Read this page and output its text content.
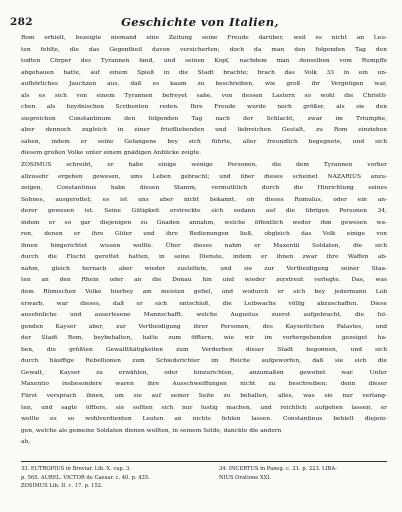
282	Geschichte von Italien,
Rom erhielt, bezeigte niemand eine Zeitung seine Freude darüber, weil es nicht an Leu-
ten fehlte, die das Gegentheil davon versicherten; doch da man den folgenden Tag den
todten Cörper des Tyrannen fand, und seinen Kopf, nachdem man denselben vom Rumpffe
abgehauen hatte, auf einem Spieß in die Stadt brachte; brach das Volk 33 in ein un-
aufhörliches Jauchzen aus, daß es kaum zu beschreiben, wie groß ihr Vergnügen war,
als es sich von einem Tyrannen befreyet sahe, von dessen Lastern so wohl die Christli-
chen als heydnischen Scribenten reden. Ihre Freude wurde noch größer, als sie den
siegreichen Constantinum den folgenden Tag nach der Schlacht, zwar im Triumphe,
aber dennoch zugleich in einer friedliebenden und liebreichen Gestalt, zu Rom einziehen
sahen, indem er seine Gefangene bey sich führte, aller freundlich begegnete, und sich
diesem großen Volke unter einem gnädigen Anblicke zeigte.
ZOSIMUS schreibt, er habe einige wenige Personen, die dem Tyrannen vorher
allzusehr ergeben gewesen, ums Leben gebracht; und über dieses scheinet NAZARIUS anzu-
zeigen, Constantinus habe diesen Stamm, vermuthlich durch die Hinrichtung seines
Sohnes, ausgerottet; es ist uns aber nicht bekannt, ob dieses Romulus, oder ein an-
derer gewesen ist. Seine Gütigkeit erstreckte sich sodann auf die übrigen Personen 34,
indem er so gar diejenigen zu Gnaden annahm, welche öffentlich weder ihm gewesen wa-
ren, denen er ihre Güter und ihre Bedienungen ließ, obgleich das Volk einige von
ihnen hingerichtet wissen wollte. Über dieses nahm er Maxentii Soldaten, die sich
durch die Flucht gerettet hatten, in seine Dienste, indem er ihnen zwar ihre Waffen ab-
nahm, gleich hernach aber wieder zustellete, und sie zur Vertheidigung seiner Staa-
ten an den Rhein oder an die Donau hin und wieder zerstreut verlegte. Das, was
dem Römischen Volke hierbey am meisten gefiel, und wodurch er sich bey jedermann Lob
erwarb, war dieses, daß er sich entschloß, die Leibwache völlig abzuschaffen. Diese
ansehnliche und auserlesene Mannschafft, welche Augustus zuerst aufgebracht, die fol-
genden Kayser aber, zur Vertheidigung ihrer Personen, des Kayserlichen Palastes, und
der Stadt Rom, beybehalten, hatte zum öfftern, wie wir im vorhergehenden gezeiget ha-
ben, die größten Gewaltthätigkeiten zum Verderben dieser Stadt begonnen, und sich
durch häuffige Rebellionen zum Schiedsrichter im Reiche aufgeworfen, daß sie sich die
Gewalt, Kayser zu erwählen, oder hinzurichten, anzumaßen gewohnt war. Unter
Maxentio insbesondere waren ihre Ausschweiffungen nicht zu beschreiben; denn dieser
Fürst versprach ihnen, um sie auf seiner Seite zu behalten, alles, was sie nur verlang-
ten, und sagte öffters, sie sollten sich nur lustig machen, und reichlich aufgehen lassen, er
wollte es so wohlverdienten Leuten an nichts fehlen lassen. Constantinus behielt diejeni-
gen, welche als gemeine Soldaten dienen wollten, in seinem Solde, danckte die andern
ab,
33. EUTROPIUS in Breviar. Lib. X. cap. 3.
p. 565. AUREL. VICTOR de Caesar. c. 40. p. 435.
ZOSIMUS Lib. II. c. 17. p. 152.
34. INCERTUS in Paneg. c. 21. p. 223. LIBA-
NIUS Oratione XXI.
